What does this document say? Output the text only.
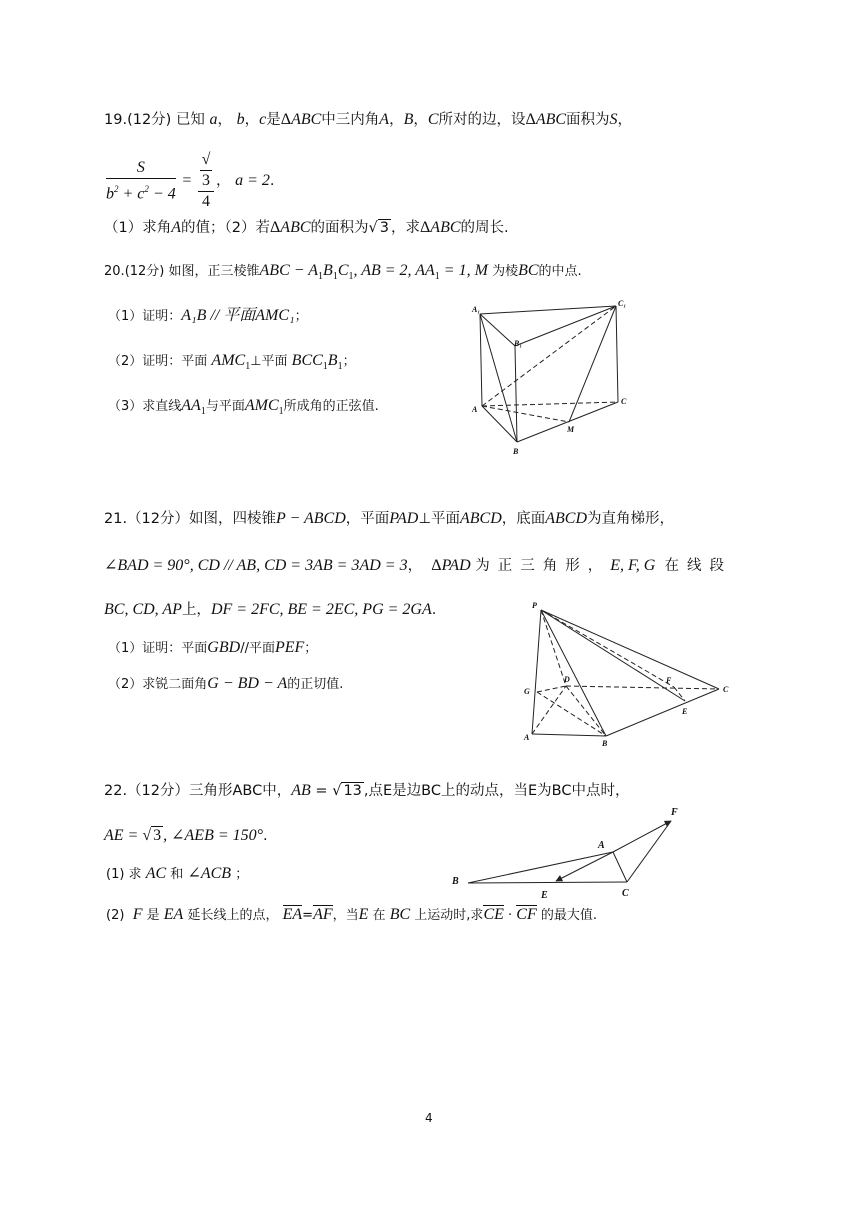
19.(12分) 已知 a， b，c是ΔABC中三内角A，B，C所对的边，设ΔABC面积为S，
$\frac{S}{b^2 + c^2 - 4}$ = √
3
4 ， a = 2.
（1）求角A的值；（2）若ΔABC的面积为√ 3 ，求ΔABC的周长.
20.(12分) 如图，正三棱锥ABC − $A_1B_1C_1$, AB = 2, $AA_1 = 1$, M 为棱BC的中点.
（1）证明：A₁B // 平面AMC₁；
（2）证明：平面 $AMC_1\perp$平面 $BCC_1B_1$；
（3）求直线$AA_1$与平面$AMC_1$所成角的正弦值.
A₁
C₁
B₁
A
C
M
B
21.（12分）如图，四棱锥P − ABCD，平面PAD⊥平面ABCD，底面ABCD为直角梯形，
∠BAD = 90°, CD // AB, CD = 3AB = 3AD = 3， ΔPAD 为正三角形，E, F, G 在线段
BC, CD, AP上，DF = 2FC, BE = 2EC, PG = 2GA.
（1）证明：平面GBD//平面PEF；
（2）求锐二面角G − BD − A的正切值.
P
D	F
C
G
E
A
B
22.（12分）三角形ABC中，AB = √ 13 ,点E是边BC上的动点，当E为BC中点时，
AE = √ 3 , ∠AEB = 150°.
(1) 求 AC 和 ∠ACB ；
(2) F 是 EA 延长线上的点， EA=AF，当E 在 BC 上运动时,求CE · CF 的最大值.
F
A
B
E	C
4
